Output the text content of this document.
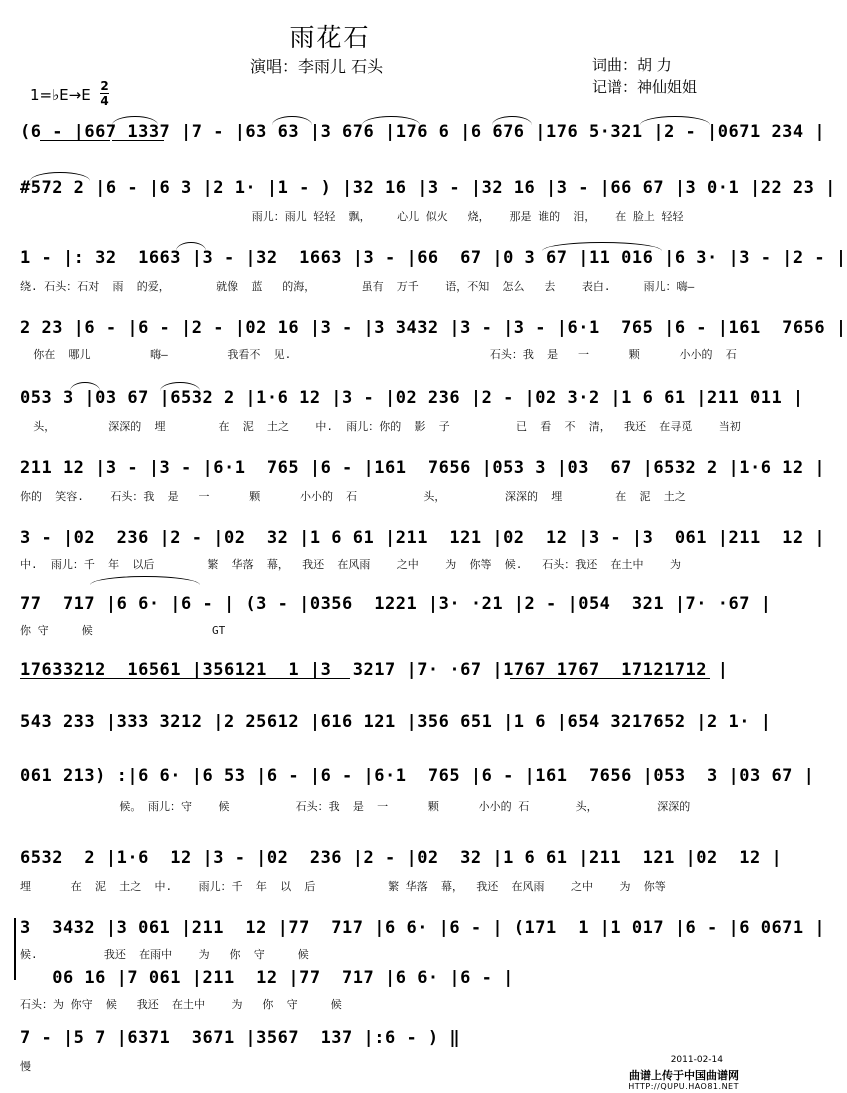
雨花石
演唱：李雨儿 石头	词曲：胡 力
记谱：神仙姐姐
1=♭E→E 2
4
(6 - |667 1337 |7 - |63 63 |3 676 |176 6 |6 676 |176 5·321 |2 - |0671 234 |
#572 2 |6 - |6 3 |2 1· |1 - ) |32 16 |3 - |32 16 |3 - |66 67 |3 0·1 |22 23 |
雨儿：雨儿 轻轻  飘，    心儿 似火   烧，   那是 谁的  泪，   在 脸上 轻轻
1 - |: 32  1663 |3 - |32  1663 |3 - |66  67 |0 3 67 |11 016 |6 3· |3 - |2 - |
绕. 石头：石对  雨  的爱，       就像  蓝   的海，       虽有  万千    语，不知  怎么   去    表白.     雨儿：嗨—
2 23 |6 - |6 - |2 - |02 16 |3 - |3 3432 |3 - |3 - |6·1  765 |6 - |161  7656 |
你在  哪儿         嗨—         我看不  见.                              石头：我  是   一      颗      小小的  石
053 3 |03 67 |6532 2 |1·6 12 |3 - |02 236 |2 - |02 3·2 |1 6 61 |211 011 |
头，        深深的  埋        在  泥  土之    中.  雨儿：你的  影  子          已  看  不  清，  我还  在寻觅    当初
211 12 |3 - |3 - |6·1  765 |6 - |161  7656 |053 3 |03  67 |6532 2 |1·6 12 |
你的  笑容.    石头：我  是   一      颗      小小的  石          头，         深深的  埋        在  泥  土之
3 - |02  236 |2 - |02  32 |1 6 61 |211  121 |02  12 |3 - |3  061 |211  12 |
中.  雨儿：千  年  以后        繁  华落  幕，  我还  在风雨    之中    为  你等  候.   石头：我还  在土中    为
77  717 |6 6· |6 - | (3 - |0356  1221 |3· ·21 |2 - |054  321 |7· ·67 |
你 守     候                  GT
17633212  16561 |356121  1 |3  3217 |7· ·67 |1767 1767  17121712 |
543 233 |333 3212 |2 25612 |616 121 |356 651 |1 6 |654 3217652 |2 1· |
061 213) :|6 6· |6 53 |6 - |6 - |6·1  765 |6 - |161  7656 |053  3 |03 67 |
候。 雨儿：守    候          石头：我  是  一      颗      小小的 石       头，         深深的
6532  2 |1·6  12 |3 - |02  236 |2 - |02  32 |1 6 61 |211  121 |02  12 |
埋      在  泥  土之  中.    雨儿：千  年  以  后           繁 华落  幕，  我还  在风雨    之中    为  你等
3  3432 |3 061 |211  12 |77  717 |6 6· |6 - | (171  1 |1 017 |6 - |6 0671 |
候.          我还  在雨中    为   你  守     候
06 16 |7 061 |211  12 |77  717 |6 6· |6 - |
石头：为 你守  候   我还  在土中    为   你  守     候
7 - |5 7 |6371  3671 |3567  137 |:6 - ) ‖
慢	2011-02-14
曲谱上传于中国曲谱网
HTTP://QUPU.HAO81.NET
